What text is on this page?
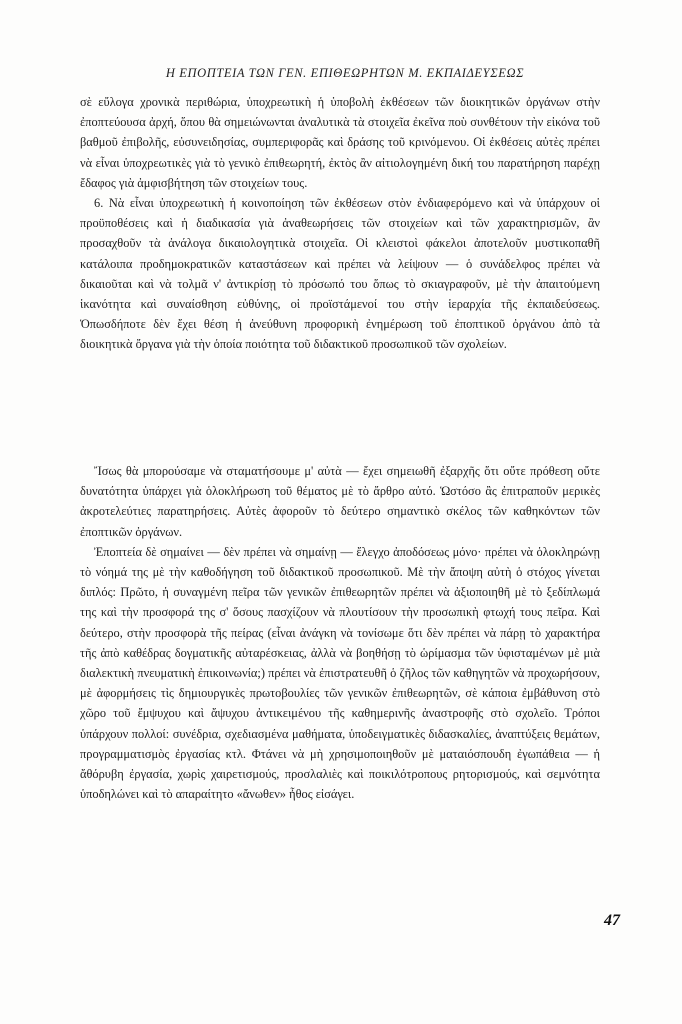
Η ΕΠΟΠΤΕΙΑ ΤΩΝ ΓΕΝ. ΕΠΙΘΕΩΡΗΤΩΝ Μ. ΕΚΠΑΙΔΕΥΣΕΩΣ

σὲ εὔλογα χρονικὰ περιθώρια, ὑποχρεωτικὴ ἡ ὑποβολὴ ἐκθέσεων τῶν διοικητικῶν ὀργάνων στὴν ἐποπτεύουσα ἀρχή, ὅπου θὰ σημειώνωνται ἀναλυτικὰ τὰ στοιχεῖα ἐκεῖνα ποὺ συνθέτουν τὴν εἰκόνα τοῦ βαθμοῦ ἐπιβολῆς, εὐσυνειδησίας, συμπεριφορᾶς καὶ δράσης τοῦ κρινόμενου. Οἱ ἐκθέσεις αὐτὲς πρέπει νὰ εἶναι ὑποχρεωτικὲς γιὰ τὸ γενικὸ ἐπιθεωρητή, ἐκτὸς ἂν αἰτιολογημένη δική του παρατήρηση παρέχῃ ἔδαφος γιὰ ἀμφισβήτηση τῶν στοιχείων τους.

6. Νὰ εἶναι ὑποχρεωτικὴ ἡ κοινοποίηση τῶν ἐκθέσεων στὸν ἐνδιαφερόμενο καὶ νὰ ὑπάρχουν οἱ προϋποθέσεις καὶ ἡ διαδικασία γιὰ ἀναθεωρήσεις τῶν στοιχείων καὶ τῶν χαρακτηρισμῶν, ἂν προσαχθοῦν τὰ ἀνάλογα δικαιολογητικὰ στοιχεῖα. Οἱ κλειστοὶ φάκελοι ἀποτελοῦν μυστικοπαθῆ κατάλοιπα προδημοκρατικῶν καταστάσεων καὶ πρέπει νὰ λείψουν — ὁ συνάδελφος πρέπει νὰ δικαιοῦται καὶ νὰ τολμᾶ ν' ἀντικρίσῃ τὸ πρόσωπό του ὅπως τὸ σκιαγραφοῦν, μὲ τὴν ἀπαιτούμενη ἱκανότητα καὶ συναίσθηση εὐθύνης, οἱ προϊστάμενοί του στὴν ἱεραρχία τῆς ἐκπαιδεύσεως. Ὁπωσδήποτε δὲν ἔχει θέση ἡ ἀνεύθυνη προφορικὴ ἐνημέρωση τοῦ ἐποπτικοῦ ὀργάνου ἀπὸ τὰ διοικητικὰ ὄργανα γιὰ τὴν ὁποία ποιότητα τοῦ διδακτικοῦ προσωπικοῦ τῶν σχολείων.

Ἴσως θὰ μπορούσαμε νὰ σταματήσουμε μ' αὐτὰ — ἔχει σημειωθῆ ἐξαρχῆς ὅτι οὔτε πρόθεση οὔτε δυνατότητα ὑπάρχει γιὰ ὁλοκλήρωση τοῦ θέματος μὲ τὸ ἄρθρο αὐτό. Ὡστόσο ἂς ἐπιτραποῦν μερικὲς ἀκροτελεύτιες παρατηρήσεις. Αὐτὲς ἀφοροῦν τὸ δεύτερο σημαντικὸ σκέλος τῶν καθηκόντων τῶν ἐποπτικῶν ὀργάνων.

Ἐποπτεία δὲ σημαίνει — δὲν πρέπει νὰ σημαίνῃ — ἔλεγχο ἀποδόσεως μόνο· πρέπει νὰ ὁλοκληρώνῃ τὸ νόημά της μὲ τὴν καθοδήγηση τοῦ διδακτικοῦ προσωπικοῦ. Μὲ τὴν ἄποψη αὐτὴ ὁ στόχος γίνεται διπλός: Πρῶτο, ἡ συναγμένη πεῖρα τῶν γενικῶν ἐπιθεωρητῶν πρέπει νὰ ἀξιοποιηθῆ μὲ τὸ ξεδίπλωμά της καὶ τὴν προσφορά της σ' ὅσους πασχίζουν νὰ πλουτίσουν τὴν προσωπικὴ φτωχή τους πεῖρα. Καὶ δεύτερο, στὴν προσφορὰ τῆς πείρας (εἶναι ἀνάγκη νὰ τονίσωμε ὅτι δὲν πρέπει νὰ πάρῃ τὸ χαρακτήρα τῆς ἀπὸ καθέδρας δογματικῆς αὐταρέσκειας, ἀλλὰ νὰ βοηθήσῃ τὸ ὡρίμασμα τῶν ὑφισταμένων μὲ μιὰ διαλεκτικὴ πνευματικὴ ἐπικοινωνία;) πρέπει νὰ ἐπιστρατευθῆ ὁ ζῆλος τῶν καθηγητῶν νὰ προχωρήσουν, μὲ ἀφορμήσεις τὶς δημιουργικὲς πρωτοβουλίες τῶν γενικῶν ἐπιθεωρητῶν, σὲ κάποια ἐμβάθυνση στὸ χῶρο τοῦ ἔμψυχου καὶ ἄψυχου ἀντικειμένου τῆς καθημερινῆς ἀναστροφῆς στὸ σχολεῖο. Τρόποι ὑπάρχουν πολλοί: συνέδρια, σχεδιασμένα μαθήματα, ὑποδειγματικὲς διδασκαλίες, ἀναπτύξεις θεμάτων, προγραμματισμὸς ἐργασίας κτλ. Φτάνει νὰ μὴ χρησιμοποιηθοῦν μὲ ματαιόσπουδη ἐγωπάθεια — ἡ ἄθόρυβη ἐργασία, χωρὶς χαιρετισμούς, προσλαλιὲς καὶ ποικιλότροπους ρητορισμούς, καὶ σεμνότητα ὑποδηλώνει καὶ τὸ απαραίτητο «ἄνωθεν» ἦθος εἰσάγει.

47
